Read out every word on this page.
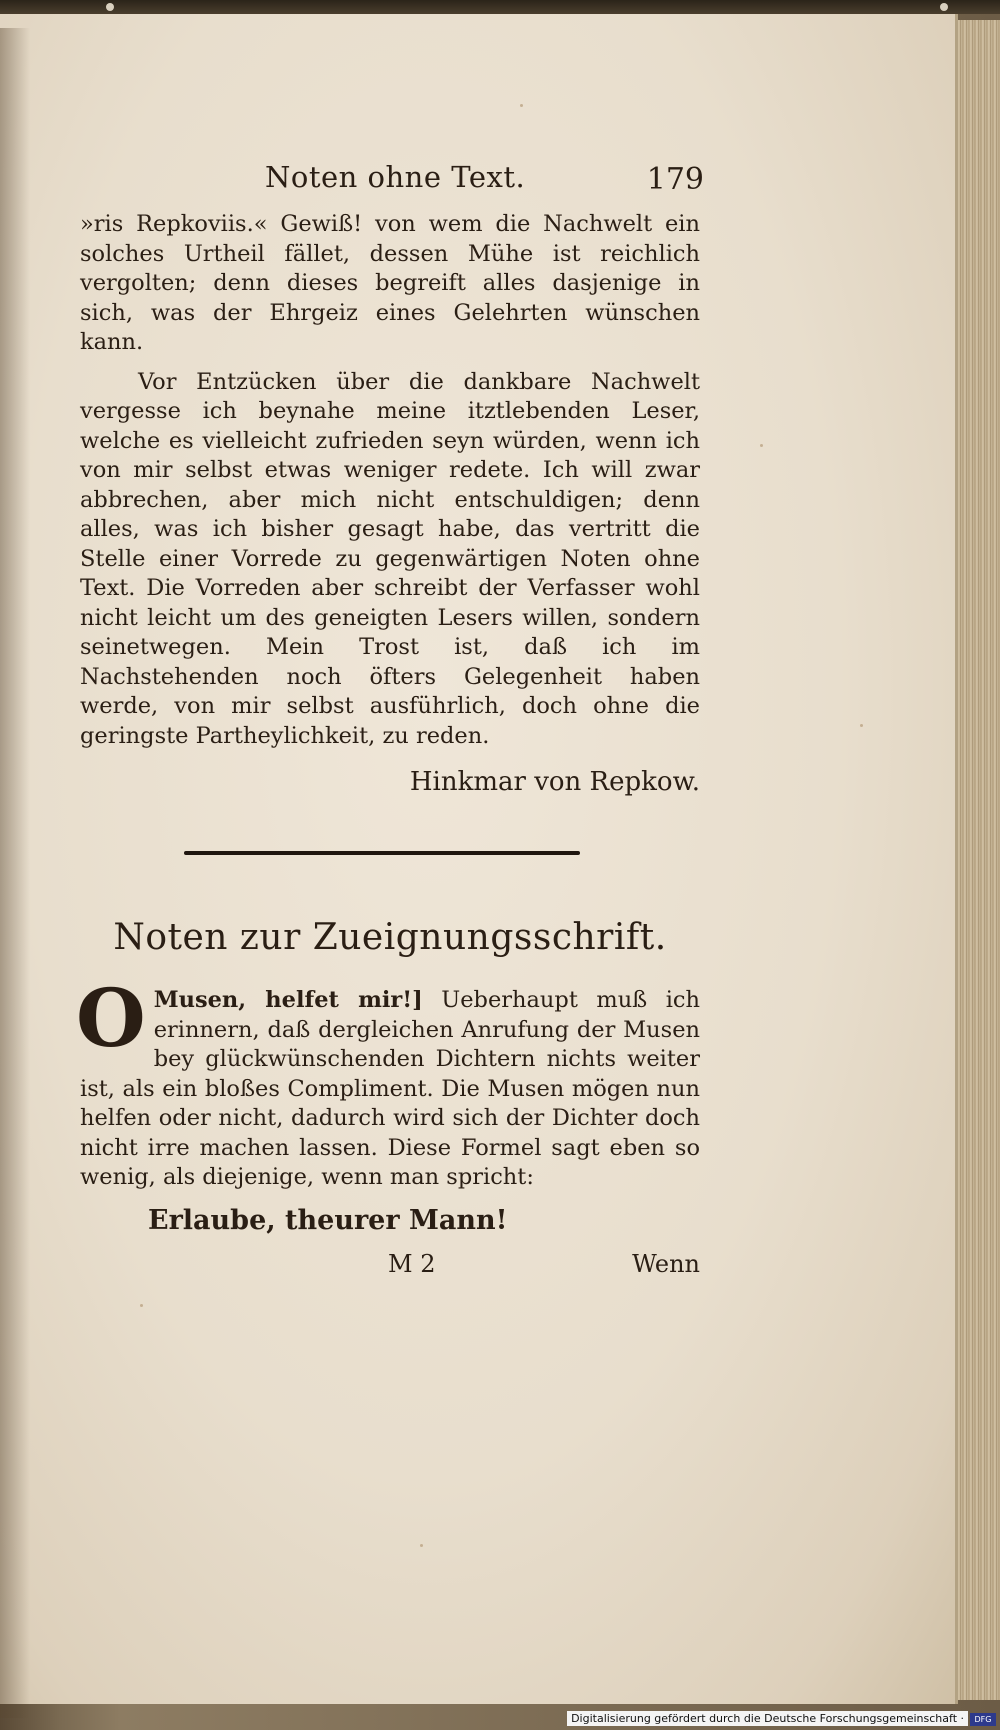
Noten ohne Text.	179

»ris Repkoviis.« Gewiß! von wem die Nachwelt ein solches Urtheil fället, dessen Mühe ist reichlich vergolten; denn dieses begreift alles dasjenige in sich, was der Ehrgeiz eines Gelehrten wünschen kann.

Vor Entzücken über die dankbare Nachwelt vergesse ich beynahe meine itztlebenden Leser, welche es vielleicht zufrieden seyn würden, wenn ich von mir selbst etwas weniger redete. Ich will zwar abbrechen, aber mich nicht entschuldigen; denn alles, was ich bisher gesagt habe, das vertritt die Stelle einer Vorrede zu gegenwärtigen Noten ohne Text. Die Vorreden aber schreibt der Verfasser wohl nicht leicht um des geneigten Lesers willen, sondern seinetwegen. Mein Trost ist, daß ich im Nachstehenden noch öfters Gelegenheit haben werde, von mir selbst ausführlich, doch ohne die geringste Partheylichkeit, zu reden.

Hinkmar von Repkow.
Noten zur Zueignungsschrift.

O Musen, helfet mir!] Ueberhaupt muß ich erinnern, daß dergleichen Anrufung der Musen bey glückwünschenden Dichtern nichts weiter ist, als ein bloßes Compliment. Die Musen mögen nun helfen oder nicht, dadurch wird sich der Dichter doch nicht irre machen lassen. Diese Formel sagt eben so wenig, als diejenige, wenn man spricht:

Erlaube, theurer Mann!
M 2	Wenn
Digitalisierung gefördert durch die Deutsche Forschungsgemeinschaft ·	DFG
